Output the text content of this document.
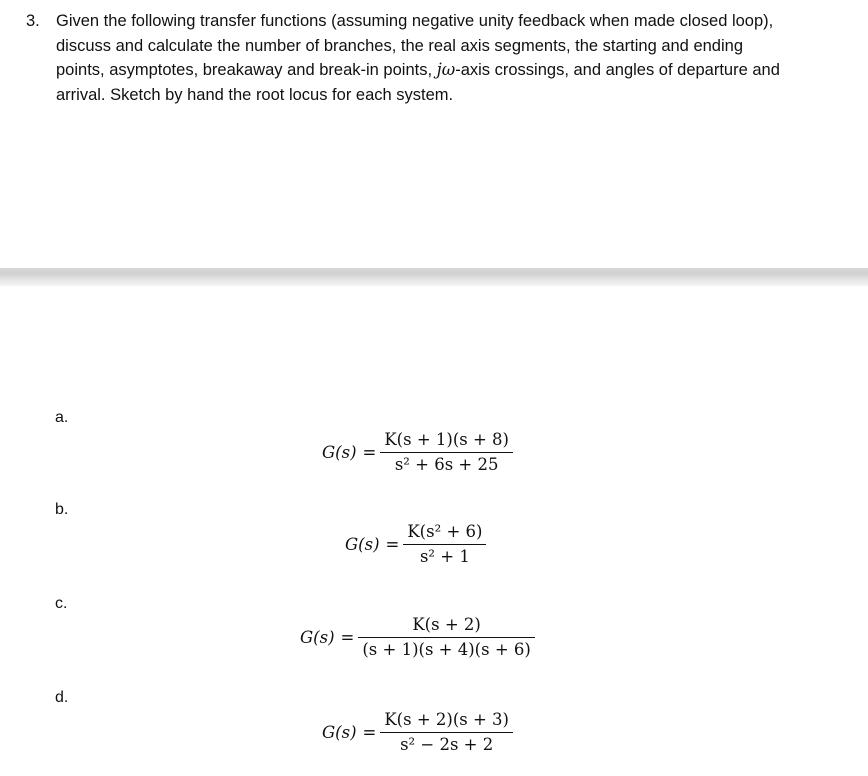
3. Given the following transfer functions (assuming negative unity feedback when made closed loop), discuss and calculate the number of branches, the real axis segments, the starting and ending points, asymptotes, breakaway and break-in points, jω-axis crossings, and angles of departure and arrival. Sketch by hand the root locus for each system.
a.
$G(s) = \frac{K(s + 1)(s + 8)}{\text{s² + 6s + 25}}$
b.
$G(s) = \frac{\text{K(s² + 6)}}{\text{s² + 1}}$
c.
$G(s) = \frac{K(s + 2)}{(s + 1)(s + 4)(s + 6)}$
d.
$G(s) = \frac{K(s + 2)(s + 3)}{\text{s² − 2s + 2}}$
